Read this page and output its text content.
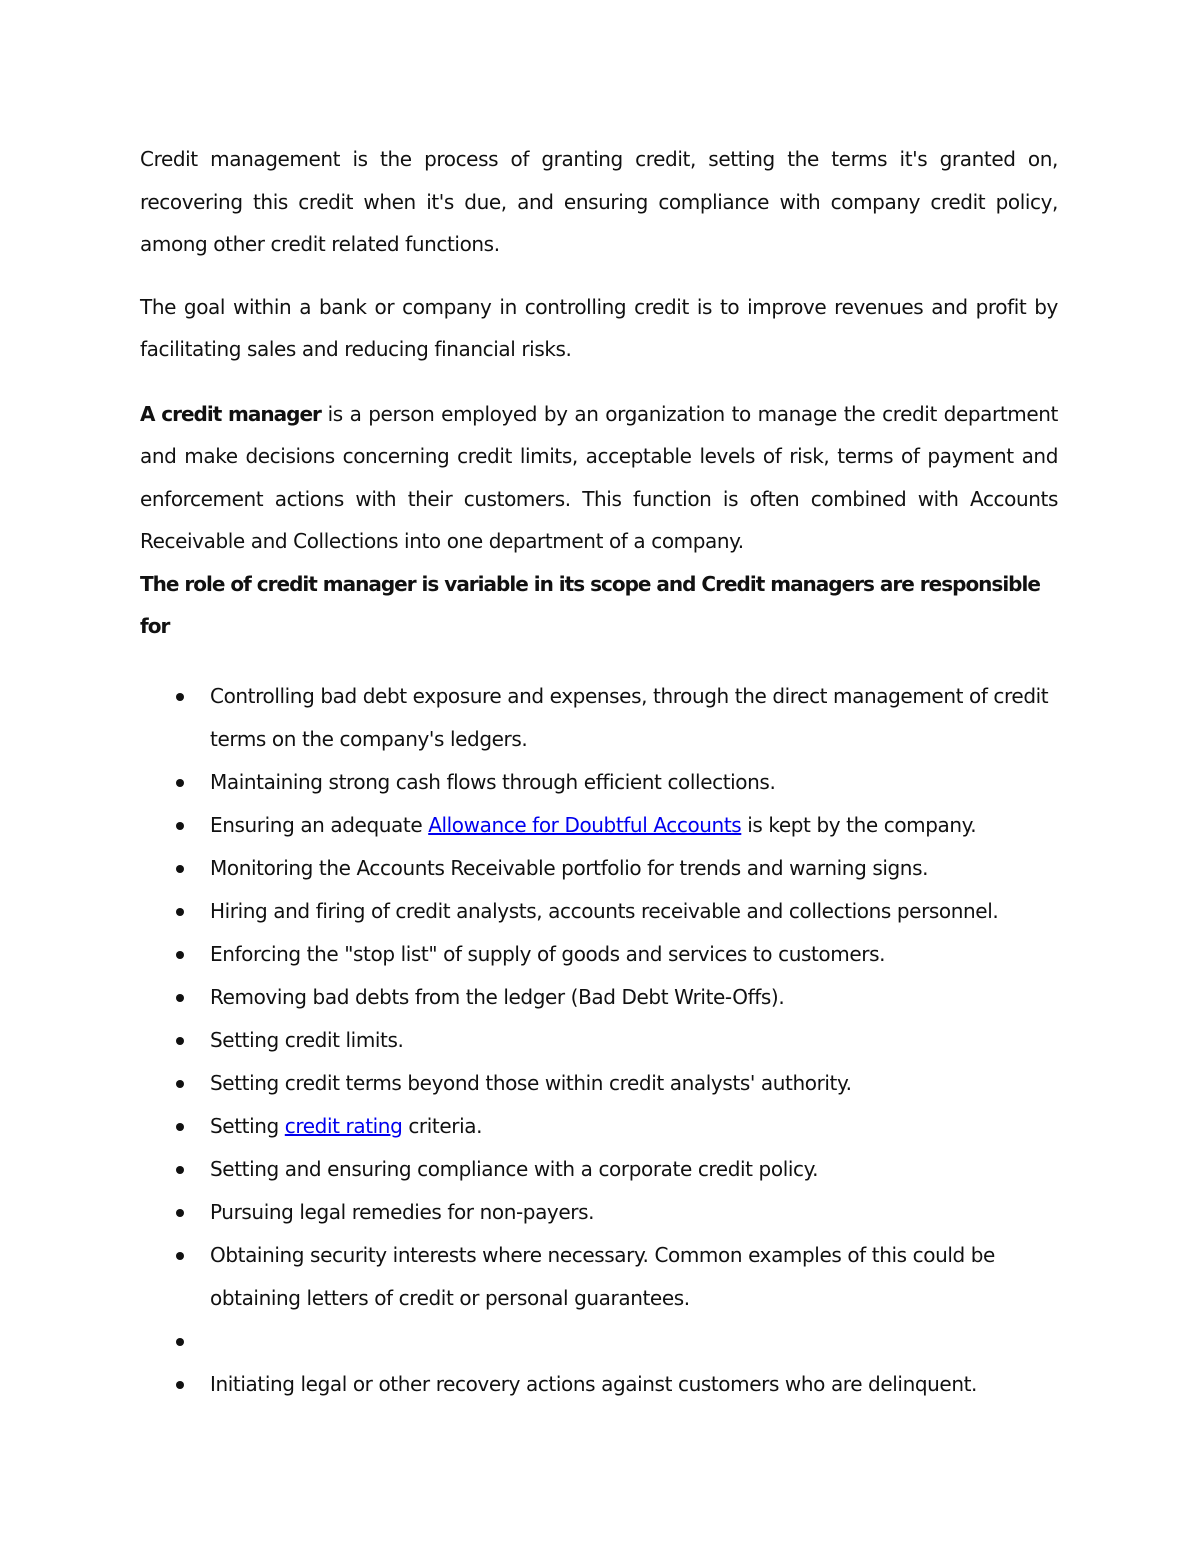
Credit management is the process of granting credit, setting the terms it's granted on, recovering this credit when it's due, and ensuring compliance with company credit policy, among other credit related functions.

The goal within a bank or company in controlling credit is to improve revenues and profit by facilitating sales and reducing financial risks.

A credit manager is a person employed by an organization to manage the credit department and make decisions concerning credit limits, acceptable levels of risk, terms of payment and enforcement actions with their customers. This function is often combined with Accounts Receivable and Collections into one department of a company.

The role of credit manager is variable in its scope and Credit managers are responsible for

Controlling bad debt exposure and expenses, through the direct management of credit terms on the company's ledgers.
Maintaining strong cash flows through efficient collections.
Ensuring an adequate Allowance for Doubtful Accounts is kept by the company.
Monitoring the Accounts Receivable portfolio for trends and warning signs.
Hiring and firing of credit analysts, accounts receivable and collections personnel.
Enforcing the "stop list" of supply of goods and services to customers.
Removing bad debts from the ledger (Bad Debt Write-Offs).
Setting credit limits.
Setting credit terms beyond those within credit analysts' authority.
Setting credit rating criteria.
Setting and ensuring compliance with a corporate credit policy.
Pursuing legal remedies for non-payers.
Obtaining security interests where necessary. Common examples of this could be obtaining letters of credit or personal guarantees.
Initiating legal or other recovery actions against customers who are delinquent.
